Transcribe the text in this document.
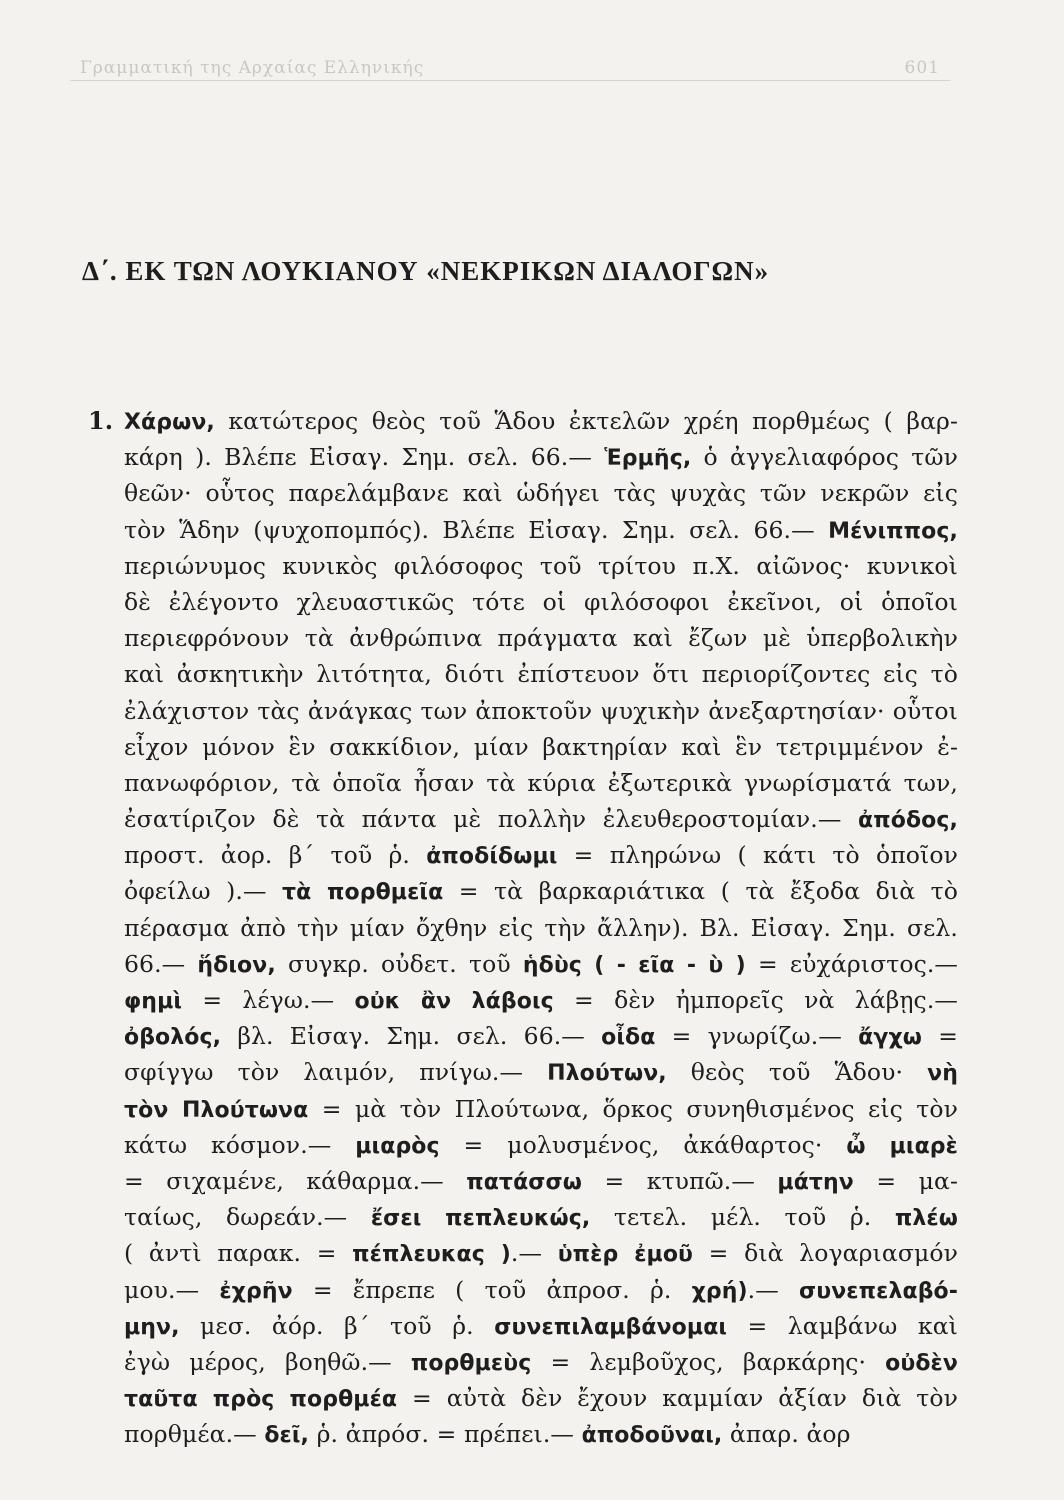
Γραμματική της Αρχαίας Ελληνικής	601
Δ΄. ΕΚ ΤΩΝ ΛΟΥΚΙΑΝΟΥ «ΝΕΚΡΙΚΩΝ ΔΙΑΛΟΓΩΝ»
1. Χάρων, κατώτερος θεὸς τοῦ Ἅδου ἐκτελῶν χρέη πορθμέως ( βαρ-
κάρη ). Βλέπε Εἰσαγ. Σημ. σελ. 66.— Ἑρμῆς, ὁ ἀγγελιαφόρος τῶν
θεῶν· οὗτος παρελάμβανε καὶ ὡδήγει τὰς ψυχὰς τῶν νεκρῶν εἰς
τὸν Ἅδην (ψυχοπομπός). Βλέπε Εἰσαγ. Σημ. σελ. 66.— Μένιππος,
περιώνυμος κυνικὸς φιλόσοφος τοῦ τρίτου π.Χ. αἰῶνος· κυνικοὶ
δὲ ἐλέγοντο χλευαστικῶς τότε οἱ φιλόσοφοι ἐκεῖνοι, οἱ ὁποῖοι
περιεφρόνουν τὰ ἀνθρώπινα πράγματα καὶ ἔζων μὲ ὑπερβολικὴν
καὶ ἀσκητικὴν λιτότητα, διότι ἐπίστευον ὅτι περιορίζοντες εἰς τὸ
ἐλάχιστον τὰς ἀνάγκας των ἀποκτοῦν ψυχικὴν ἀνεξαρτησίαν· οὗτοι
εἶχον μόνον ἓν σακκίδιον, μίαν βακτηρίαν καὶ ἓν τετριμμένον ἐ-
πανωφόριον, τὰ ὁποῖα ἦσαν τὰ κύρια ἐξωτερικὰ γνωρίσματά των,
ἐσατίριζον δὲ τὰ πάντα μὲ πολλὴν ἐλευθεροστομίαν.— ἀπόδος,
προστ. ἀορ. β΄ τοῦ ῥ. ἀποδίδωμι = πληρώνω ( κάτι τὸ ὁποῖον
ὀφείλω ).— τὰ πορθμεῖα = τὰ βαρκαριάτικα ( τὰ ἔξοδα διὰ τὸ
πέρασμα ἀπὸ τὴν μίαν ὄχθην εἰς τὴν ἄλλην). Βλ. Εἰσαγ. Σημ. σελ.
66.— ἥδιον, συγκρ. οὐδετ. τοῦ ἡδὺς ( - εῖα - ὺ ) = εὐχάριστος.—
φημὶ = λέγω.— οὐκ ἂν λάβοις = δὲν ἠμπορεῖς νὰ λάβῃς.—
ὀβολός, βλ. Εἰσαγ. Σημ. σελ. 66.— οἶδα = γνωρίζω.— ἄγχω =
σφίγγω τὸν λαιμόν, πνίγω.— Πλούτων, θεὸς τοῦ Ἅδου· νὴ
τὸν Πλούτωνα = μὰ τὸν Πλούτωνα, ὅρκος συνηθισμένος εἰς τὸν
κάτω κόσμον.— μιαρὸς = μολυσμένος, ἀκάθαρτος· ὦ μιαρὲ
= σιχαμένε, κάθαρμα.— πατάσσω = κτυπῶ.— μάτην = μα-
ταίως, δωρεάν.— ἔσει πεπλευκώς, τετελ. μέλ. τοῦ ῥ. πλέω
( ἀντὶ παρακ. = πέπλευκας ).— ὑπὲρ ἐμοῦ = διὰ λογαριασμόν
μου.— ἐχρῆν = ἔπρεπε ( τοῦ ἀπροσ. ῥ. χρή).— συνεπελαβό-
μην, μεσ. ἀόρ. β΄ τοῦ ῥ. συνεπιλαμβάνομαι = λαμβάνω καὶ
ἐγὼ μέρος, βοηθῶ.— πορθμεὺς = λεμβοῦχος, βαρκάρης· οὐδὲν
ταῦτα πρὸς πορθμέα = αὐτὰ δὲν ἔχουν καμμίαν ἀξίαν διὰ τὸν
πορθμέα.— δεῖ, ῥ. ἀπρόσ. = πρέπει.— ἀποδοῦναι, ἀπαρ. ἀορ
